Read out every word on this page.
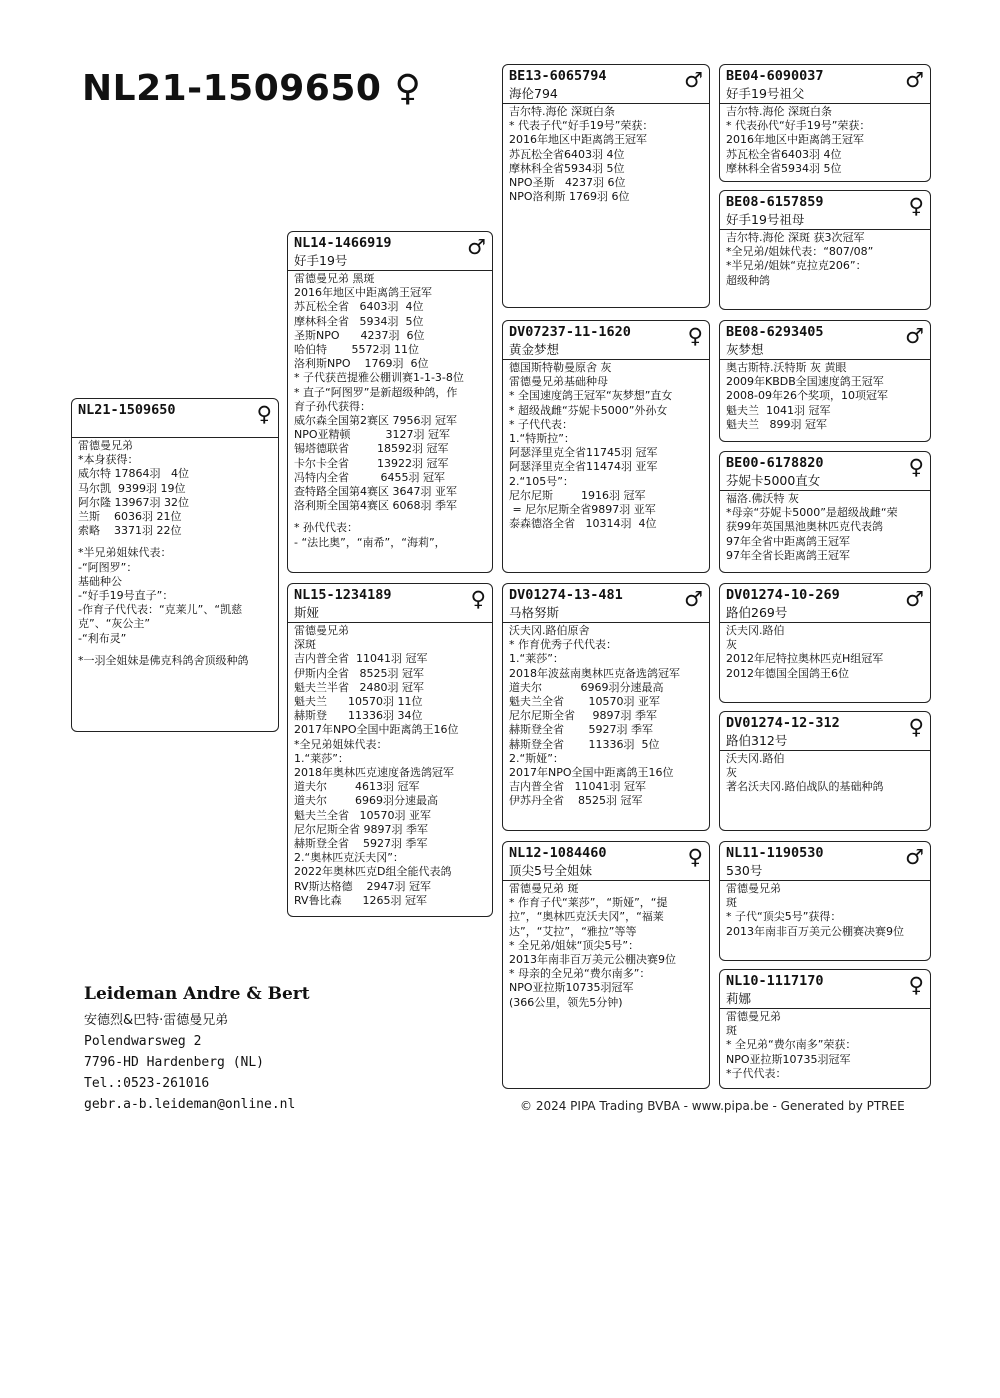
NL21-1509650 ♀	BE13-6065794	♂
海伦794
吉尔特.海伦 深斑白条
* 代表子代“好手19号”荣获：
2016年地区中距离鸽王冠军
苏瓦松全省6403羽 4位
摩林科全省5934羽 5位
NPO圣斯   4237羽 6位
NPO洛利斯 1769羽 6位
BE04-6090037	♂
好手19号祖父
吉尔特.海伦 深斑白条
* 代表孙代“好手19号”荣获：
2016年地区中距离鸽王冠军
苏瓦松全省6403羽 4位
摩林科全省5934羽 5位
BE08-6157859	♀
好手19号祖母
吉尔特.海伦 深斑 获3次冠军
*全兄弟/姐妹代表：“807/08”
*半兄弟/姐妹“克拉克206”：
超级种鸽
NL14-1466919	♂
好手19号
雷德曼兄弟 黑斑
2016年地区中距离鸽王冠军
苏瓦松全省   6403羽  4位
摩林科全省   5934羽  5位
圣斯NPO      4237羽  6位
哈伯特       5572羽 11位
洛利斯NPO    1769羽  6位
* 子代获芭提雅公棚训赛1-1-3-8位
* 直子“阿图罗”是新超级种鸽，作
育子孙代获得：
威尔森全国第2赛区 7956羽 冠军
NPO亚精顿          3127羽 冠军
锡塔德联省        18592羽 冠军
卡尔卡全省        13922羽 冠军
冯特内全省         6455羽 冠军
查特路全国第4赛区 3647羽 亚军
洛利斯全国第4赛区 6068羽 季军
* 孙代代表：
- “法比奥”，“南希”，“海莉”，
DV07237-11-1620	♀
黄金梦想
德国斯特勒曼原舍 灰
雷德曼兄弟基础种母
* 全国速度鸽王冠军“灰梦想”直女
* 超级战雌“芬妮卡5000”外孙女
* 子代代表：
1.“特斯拉”：
阿瑟泽里克全省11745羽 冠军
阿瑟泽里克全省11474羽 亚军
2.“105号”：
尼尔尼斯        1916羽 冠军
= 尼尔尼斯全省9897羽 亚军
泰森德洛全省   10314羽  4位
BE08-6293405	♂
灰梦想
奥古斯特.沃特斯 灰 黄眼
2009年KBDB全国速度鸽王冠军
2008-09年26个奖项，10项冠军
魁夫兰  1041羽 冠军
魁夫兰   899羽 冠军
BE00-6178820	♀
芬妮卡5000直女
福洛.佛沃特 灰
*母亲“芬妮卡5000”是超级战雌“荣
获99年英国黑池奥林匹克代表鸽
97年全省中距离鸽王冠军
97年全省长距离鸽王冠军
NL21-1509650	♀
雷德曼兄弟
*本身获得：
威尔特 17864羽   4位
马尔凯  9399羽 19位
阿尔隆 13967羽 32位
兰斯    6036羽 21位
索略    3371羽 22位
*半兄弟姐妹代表：
-“阿图罗”：
基础种公
-“好手19号直子”：
-作育子代代表：“克莱儿”、“凯慈
克”、“灰公主”
-“利布灵”
*一羽全姐妹是佛克科鸽舍顶级种鸽
NL15-1234189	♀
斯娅
雷德曼兄弟
深斑
吉内普全省  11041羽 冠军
伊斯内全省   8525羽 冠军
魁夫兰半省   2480羽 冠军
魁夫兰      10570羽 11位
赫斯登      11336羽 34位
2017年NPO全国中距离鸽王16位
*全兄弟姐妹代表：
1.“莱莎”：
2018年奥林匹克速度备选鸽冠军
道夫尔        4613羽 冠军
道夫尔        6969羽分速最高
魁夫兰全省   10570羽 亚军
尼尔尼斯全省 9897羽 季军
赫斯登全省    5927羽 季军
2.“奥林匹克沃夫冈”：
2022年奥林匹克D组全能代表鸽
RV斯达格德    2947羽 冠军
RV鲁比森      1265羽 冠军
DV01274-13-481	♂
马格努斯
沃夫冈.路伯原舍
* 作育优秀子代代表：
1.“莱莎”：
2018年波兹南奥林匹克备选鸽冠军
道夫尔           6969羽分速最高
魁夫兰全省       10570羽 亚军
尼尔尼斯全省     9897羽 季军
赫斯登全省       5927羽 季军
赫斯登全省       11336羽  5位
2.“斯娅”：
2017年NPO全国中距离鸽王16位
吉内普全省   11041羽 冠军
伊苏丹全省    8525羽 冠军
DV01274-10-269	♂
路伯269号
沃夫冈.路伯
灰
2012年尼特拉奥林匹克H组冠军
2012年德国全国鸽王6位
DV01274-12-312	♀
路伯312号
沃夫冈.路伯
灰
著名沃夫冈.路伯战队的基础种鸽
NL12-1084460	♀
顶尖5号全姐妹
雷德曼兄弟 斑
* 作育子代“莱莎”，“斯娅”，“提
拉”，“奥林匹克沃夫冈”，“福莱
达”，“艾拉”，“雅拉”等等
* 全兄弟/姐妹“顶尖5号”：
2013年南非百万美元公棚决赛9位
* 母亲的全兄弟“费尔南多”：
NPO亚拉斯10735羽冠军
(366公里，领先5分钟)
NL11-1190530	♂
530号
雷德曼兄弟
斑
* 子代“顶尖5号”获得：
2013年南非百万美元公棚赛决赛9位
NL10-1117170	♀
莉娜
雷德曼兄弟
斑
* 全兄弟“费尔南多”荣获：
NPO亚拉斯10735羽冠军
*子代代表：
Leideman Andre & Bert
安德烈&巴特·雷德曼兄弟
Polendwarsweg 2
7796-HD Hardenberg (NL)
Tel.:0523-261016
gebr.a-b.leideman@online.nl	© 2024 PIPA Trading BVBA - www.pipa.be - Generated by PTREE
